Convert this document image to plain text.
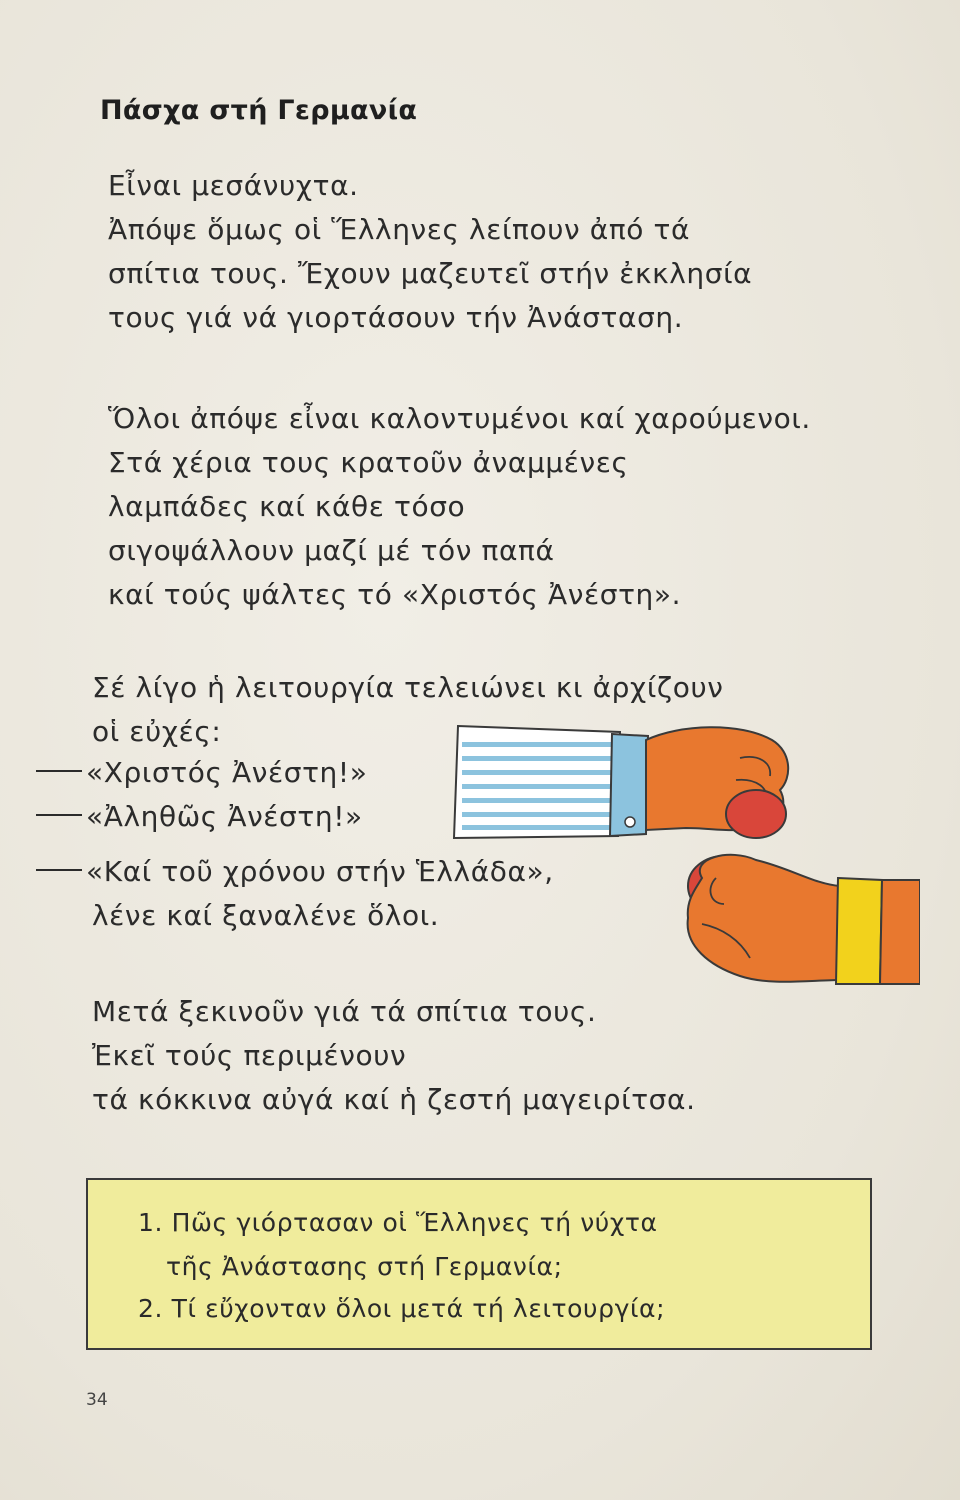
Πάσχα στή Γερμανία
Εἶναι μεσάνυχτα.
Ἀπόψε ὅμως οἱ Ἕλληνες λείπουν ἀπό τά
σπίτια τους. Ἔχουν μαζευτεῖ στήν ἐκκλησία
τους γιά νά γιορτάσουν τήν Ἀνάσταση.
Ὅλοι ἀπόψε εἶναι καλοντυμένοι καί χαρούμενοι.
Στά χέρια τους κρατοῦν ἀναμμένες
λαμπάδες καί κάθε τόσο
σιγοψάλλουν μαζί μέ τόν παπά
καί τούς ψάλτες τό «Χριστός Ἀνέστη».
Σέ λίγο ἡ λειτουργία τελειώνει κι ἀρχίζουν
οἱ εὐχές:
«Χριστός Ἀνέστη!»
«Ἀληθῶς Ἀνέστη!»
«Καί τοῦ χρόνου στήν Ἑλλάδα»,
λένε καί ξαναλένε ὅλοι.
Μετά ξεκινοῦν γιά τά σπίτια τους.
Ἐκεῖ τούς περιμένουν
τά κόκκινα αὐγά καί ἡ ζεστή μαγειρίτσα.
1. Πῶς γιόρτασαν οἱ Ἕλληνες τή νύχτα
τῆς Ἀνάστασης στή Γερμανία;
2. Τί εὔχονταν ὅλοι μετά τή λειτουργία;
34
